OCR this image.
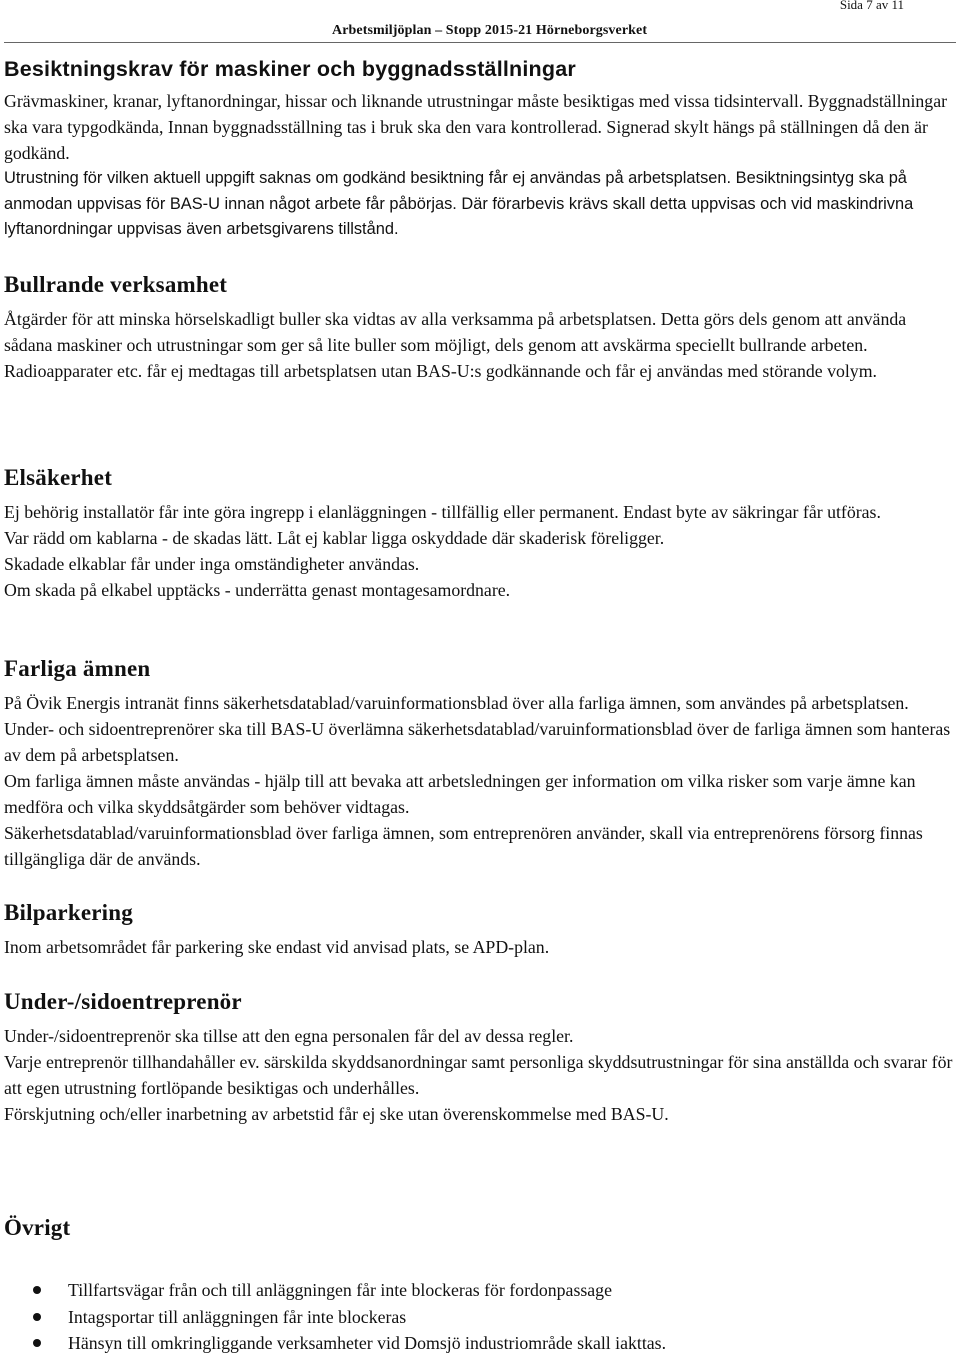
Sida 7 av 11
Arbetsmiljöplan – Stopp 2015-21 Hörneborgsverket
Besiktningskrav för maskiner och byggnadsställningar

Grävmaskiner, kranar, lyftanordningar, hissar och liknande utrustningar måste besiktigas med vissa tidsintervall. Byggnadställningar ska vara typgodkända, Innan byggnadsställning tas i bruk ska den vara kontrollerad. Signerad skylt hängs på ställningen då den är godkänd.

Utrustning för vilken aktuell uppgift saknas om godkänd besiktning får ej användas på arbetsplatsen. Besiktningsintyg ska på anmodan uppvisas för BAS-U innan något arbete får påbörjas. Där förarbevis krävs skall detta uppvisas och vid maskindrivna lyftanordningar uppvisas även arbetsgivarens tillstånd.

Bullrande verksamhet

Åtgärder för att minska hörselskadligt buller ska vidtas av alla verksamma på arbetsplatsen. Detta görs dels genom att använda sådana maskiner och utrustningar som ger så lite buller som möjligt, dels genom att avskärma speciellt bullrande arbeten.

Radioapparater etc. får ej medtagas till arbetsplatsen utan BAS-U:s godkännande och får ej användas med störande volym.

Elsäkerhet

Ej behörig installatör får inte göra ingrepp i elanläggningen - tillfällig eller permanent. Endast byte av säkringar får utföras.

Var rädd om kablarna - de skadas lätt. Låt ej kablar ligga oskyddade där skaderisk föreligger.

Skadade elkablar får under inga omständigheter användas.

Om skada på elkabel upptäcks - underrätta genast montagesamordnare.

Farliga ämnen

På Övik Energis intranät finns säkerhetsdatablad/varuinformationsblad över alla farliga ämnen, som användes på arbetsplatsen. Under- och sidoentreprenörer ska till BAS-U överlämna säkerhetsdatablad/varuinformationsblad över de farliga ämnen som hanteras av dem på arbetsplatsen.

Om farliga ämnen måste användas - hjälp till att bevaka att arbetsledningen ger information om vilka risker som varje ämne kan medföra och vilka skyddsåtgärder som behöver vidtagas.

Säkerhetsdatablad/varuinformationsblad över farliga ämnen, som entreprenören använder, skall via entreprenörens försorg finnas tillgängliga där de används.

Bilparkering

Inom arbetsområdet får parkering ske endast vid anvisad plats, se APD-plan.

Under-/sidoentreprenör

Under-/sidoentreprenör ska tillse att den egna personalen får del av dessa regler.

Varje entreprenör tillhandahåller ev. särskilda skyddsanordningar samt personliga skyddsutrustningar för sina anställda och svarar för att egen utrustning fortlöpande besiktigas och underhålles.

Förskjutning och/eller inarbetning av arbetstid får ej ske utan överenskommelse med BAS-U.

Övrigt
Tillfartsvägar från och till anläggningen får inte blockeras för fordonpassage
Intagsportar till anläggningen får inte blockeras
Hänsyn till omkringliggande verksamheter vid Domsjö industriområde skall iakttas.
